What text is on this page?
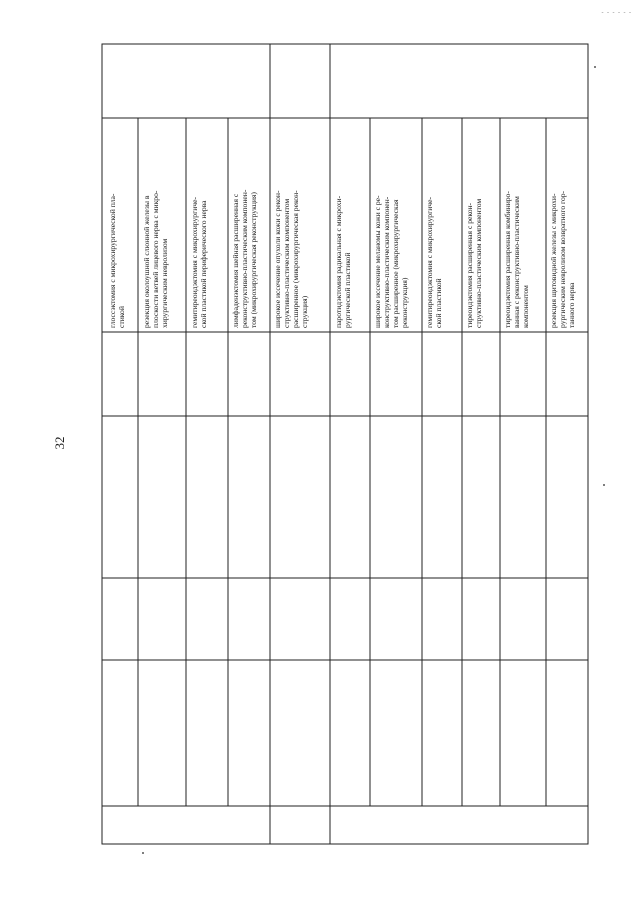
- - - - - -
32
глоссэктомия с микрохирургической пла-
стикой	резекция околоушной слюнной железы в
плоскости ветвей лицевого нерва с микро-
хирургическим невролизом
гемитиреоидэктомия с микрохирургиче-
ской пластикой периферического нерва
лимфаденэктомия шейная расширенная с
реконструктивно-пластическим компонен-
том (микрохирургическая реконструкция)
широкое иссечение опухоли кожи с рекон-
структивно-пластическим компонентом
расширенное (микрохирургическая рекон-
струкция)	паротидэктомия радикальная с микрохи-
рургической пластикой
широкое иссечение меланомы кожи с ре-
конструктивно-пластическим компонен-
том расширенное (микрохирургическая
реконструкция)	гемитиреоидэктомия с микрохирургиче-
ской пластикой	тиреоидэктомия расширенная с рекон-
структивно-пластическим компонентом
тиреоидэктомия расширенная комбиниро-
ванная с реконструктивно-пластическим
компонентом	резекция щитовидной железы с микрохи-
рургическим невролизом возвратного гор-
танного нерва
